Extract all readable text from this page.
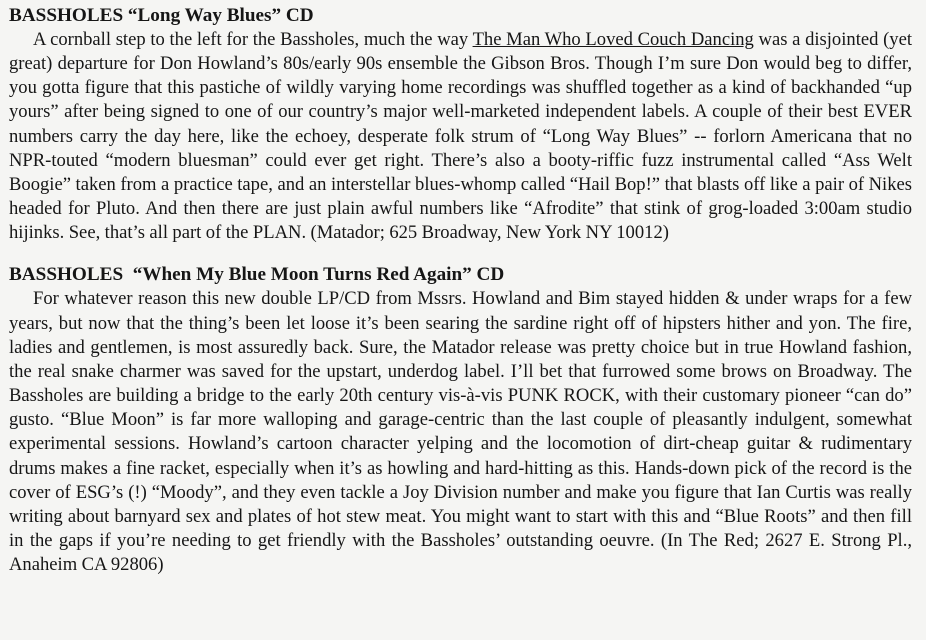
BASSHOLES “Long Way Blues” CD

A cornball step to the left for the Bassholes, much the way The Man Who Loved Couch Dancing was a disjointed (yet great) departure for Don Howland’s 80s/early 90s ensemble the Gibson Bros. Though I’m sure Don would beg to differ, you gotta figure that this pastiche of wildly varying home recordings was shuffled together as a kind of backhanded “up yours” after being signed to one of our country’s major well-marketed independent labels. A couple of their best EVER numbers carry the day here, like the echoey, desperate folk strum of “Long Way Blues” -- forlorn Americana that no NPR-touted “modern bluesman” could ever get right. There’s also a booty-riffic fuzz instrumental called “Ass Welt Boogie” taken from a practice tape, and an interstellar blues-whomp called “Hail Bop!” that blasts off like a pair of Nikes headed for Pluto. And then there are just plain awful numbers like “Afrodite” that stink of grog-loaded 3:00am studio hijinks. See, that’s all part of the PLAN. (Matador; 625 Broadway, New York NY 10012)

BASSHOLES  “When My Blue Moon Turns Red Again” CD

For whatever reason this new double LP/CD from Mssrs. Howland and Bim stayed hidden & under wraps for a few years, but now that the thing’s been let loose it’s been searing the sardine right off of hipsters hither and yon. The fire, ladies and gentlemen, is most assuredly back. Sure, the Matador release was pretty choice but in true Howland fashion, the real snake charmer was saved for the upstart, underdog label. I’ll bet that furrowed some brows on Broadway. The Bassholes are building a bridge to the early 20th century vis-à-vis PUNK ROCK, with their customary pioneer “can do” gusto. “Blue Moon” is far more walloping and garage-centric than the last couple of pleasantly indulgent, somewhat experimental sessions. Howland’s cartoon character yelping and the locomotion of dirt-cheap guitar & rudimentary drums makes a fine racket, especially when it’s as howling and hard-hitting as this. Hands-down pick of the record is the cover of ESG’s (!) “Moody”, and they even tackle a Joy Division number and make you figure that Ian Curtis was really writing about barnyard sex and plates of hot stew meat. You might want to start with this and “Blue Roots” and then fill in the gaps if you’re needing to get friendly with the Bassholes’ outstanding oeuvre. (In The Red; 2627 E. Strong Pl., Anaheim CA 92806)
